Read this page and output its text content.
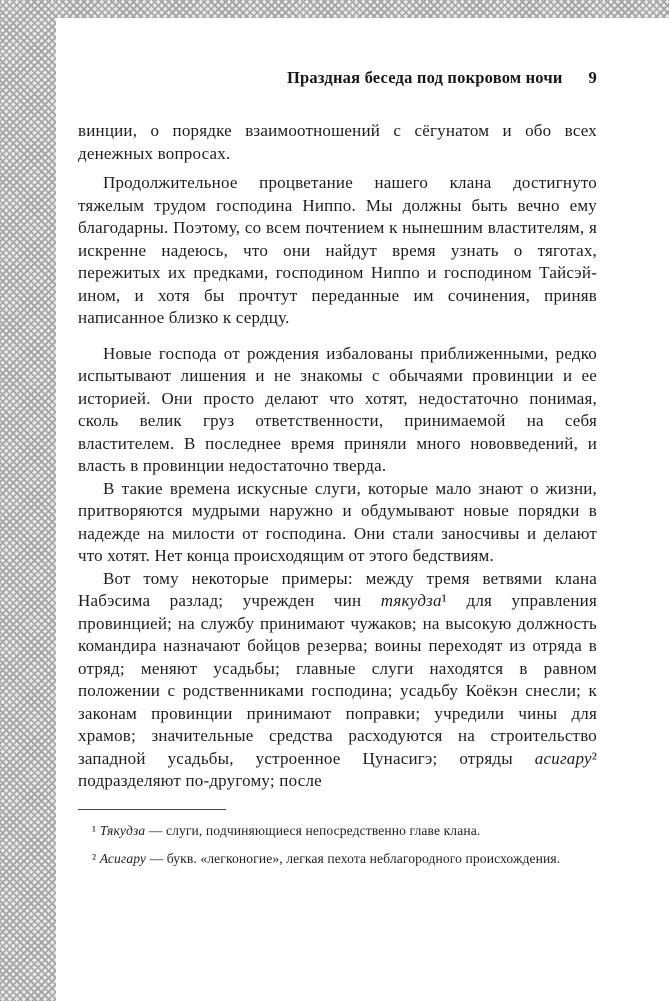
Праздная беседа под покровом ночи 9

винции, о порядке взаимоотношений с сёгунатом и обо всех денежных вопросах.

Продолжительное процветание нашего клана достигнуто тяжелым трудом господина Ниппо. Мы должны быть вечно ему благодарны. Поэтому, со всем почтением к нынешним властителям, я искренне надеюсь, что они найдут время узнать о тяготах, пережитых их предками, господином Ниппо и господином Тайсэй-ином, и хотя бы прочтут переданные им сочинения, приняв написанное близко к сердцу.

Новые господа от рождения избалованы приближенными, редко испытывают лишения и не знакомы с обычаями провинции и ее историей. Они просто делают что хотят, недостаточно понимая, сколь велик груз ответственности, принимаемой на себя властителем. В последнее время приняли много нововведений, и власть в провинции недостаточно тверда.

В такие времена искусные слуги, которые мало знают о жизни, притворяются мудрыми наружно и обдумывают новые порядки в надежде на милости от господина. Они стали заносчивы и делают что хотят. Нет конца происходящим от этого бедствиям.

Вот тому некоторые примеры: между тремя ветвями клана Набэсима разлад; учрежден чин тякудза¹ для управления провинцией; на службу принимают чужаков; на высокую должность командира назначают бойцов резерва; воины переходят из отряда в отряд; меняют усадьбы; главные слуги находятся в равном положении с родственниками господина; усадьбу Коёкэн снесли; к законам провинции принимают поправки; учредили чины для храмов; значительные средства расходуются на строительство западной усадьбы, устроенное Цунасигэ; отряды асигару² подразделяют по-другому; после

¹ Тякудза — слуги, подчиняющиеся непосредственно главе клана.

² Асигару — букв. «легконогие», легкая пехота неблагородного происхождения.
